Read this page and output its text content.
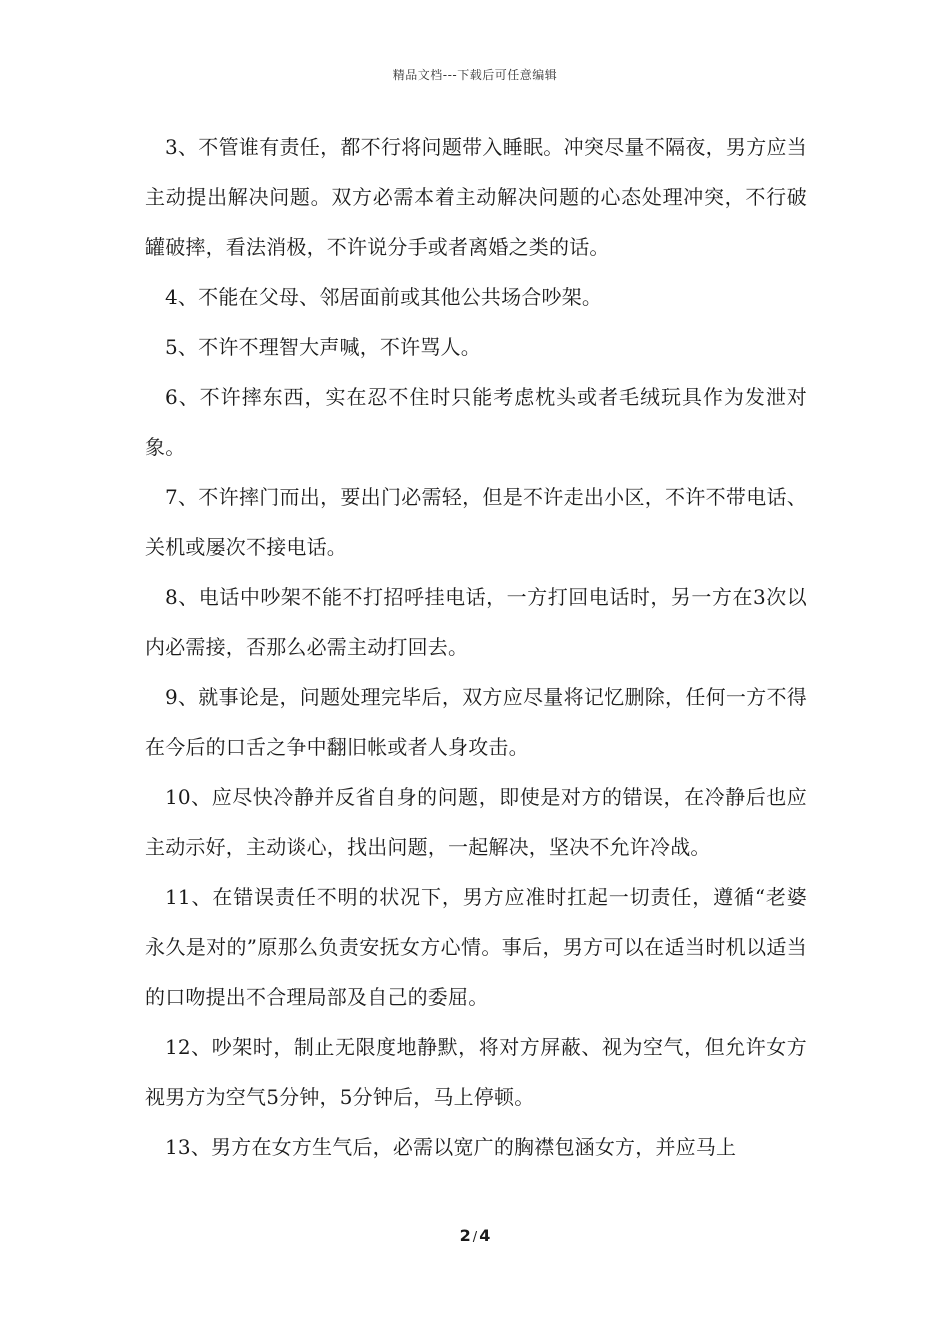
精品文档---下载后可任意编辑

3、不管谁有责任，都不行将问题带入睡眠。冲突尽量不隔夜，男方应当主动提出解决问题。双方必需本着主动解决问题的心态处理冲突，不行破罐破摔，看法消极，不许说分手或者离婚之类的话。

4、不能在父母、邻居面前或其他公共场合吵架。

5、不许不理智大声喊，不许骂人。

6、不许摔东西，实在忍不住时只能考虑枕头或者毛绒玩具作为发泄对象。

7、不许摔门而出，要出门必需轻，但是不许走出小区，不许不带电话、关机或屡次不接电话。

8、电话中吵架不能不打招呼挂电话，一方打回电话时，另一方在3次以内必需接，否那么必需主动打回去。

9、就事论是，问题处理完毕后，双方应尽量将记忆删除，任何一方不得在今后的口舌之争中翻旧帐或者人身攻击。

10、应尽快冷静并反省自身的问题，即使是对方的错误，在冷静后也应主动示好，主动谈心，找出问题，一起解决，坚决不允许冷战。

11、在错误责任不明的状况下，男方应准时扛起一切责任，遵循“老婆永久是对的”原那么负责安抚女方心情。事后，男方可以在适当时机以适当的口吻提出不合理局部及自己的委屈。

12、吵架时，制止无限度地静默，将对方屏蔽、视为空气，但允许女方视男方为空气5分钟，5分钟后，马上停顿。

13、男方在女方生气后，必需以宽广的胸襟包涵女方，并应马上

2 / 4
